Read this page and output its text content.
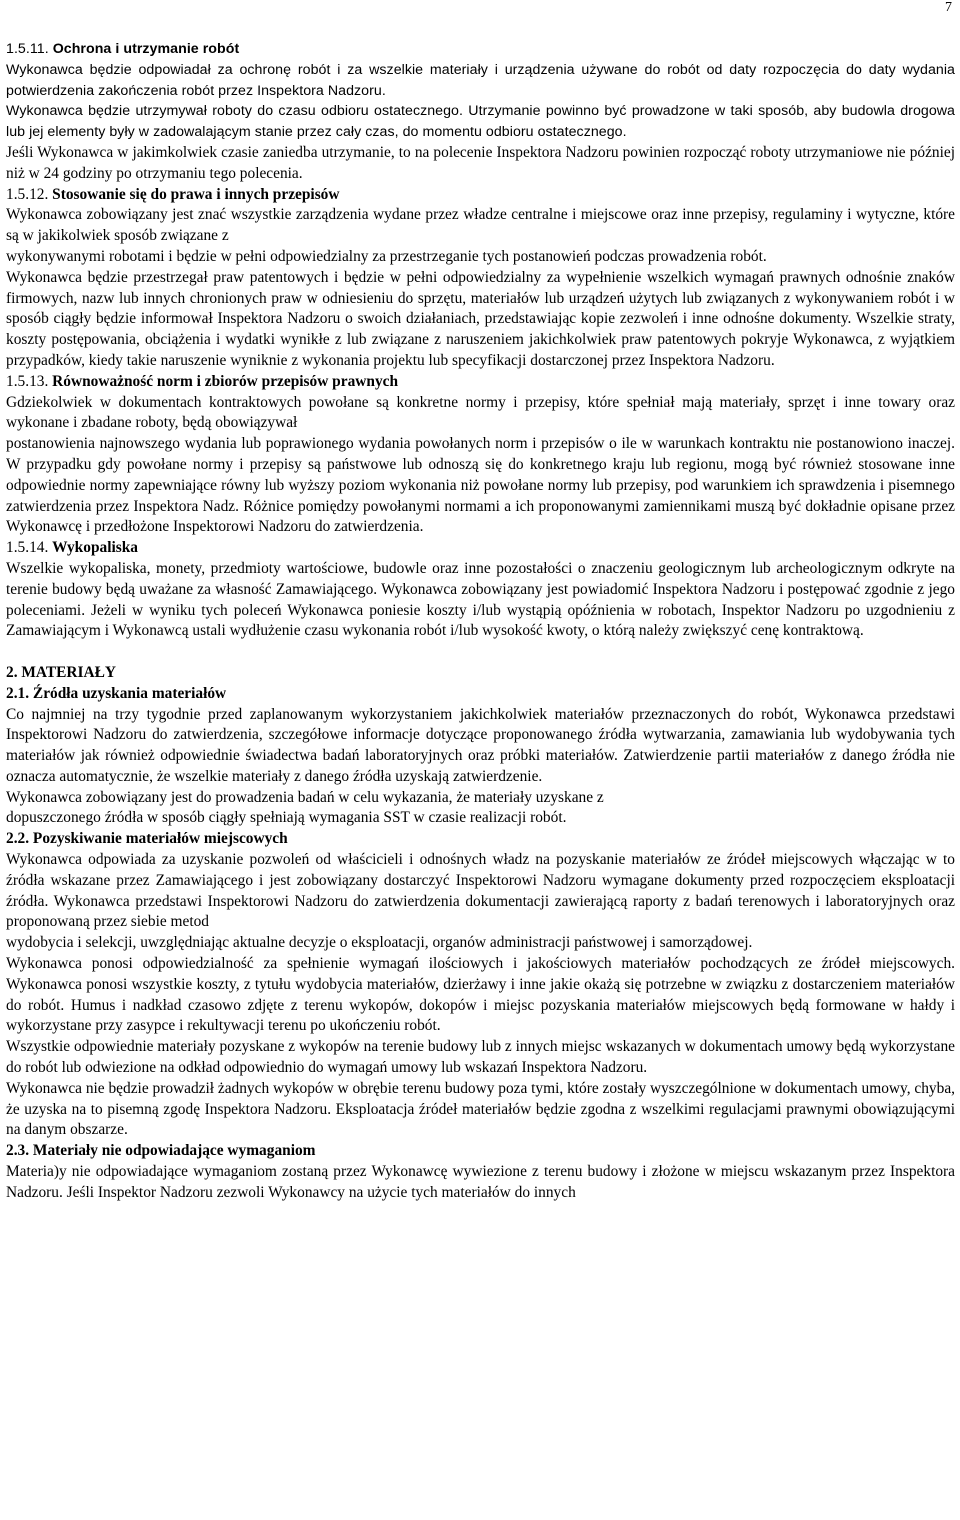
7

1.5.11. Ochrona i utrzymanie robót

Wykonawca będzie odpowiadał za ochronę robót i za wszelkie materiały i urządzenia używane do robót od daty rozpoczęcia do daty wydania potwierdzenia zakończenia robót przez Inspektora Nadzoru.

Wykonawca będzie utrzymywał roboty do czasu odbioru ostatecznego. Utrzymanie powinno być prowadzone w taki sposób, aby budowla drogowa lub jej elementy były w zadowalającym stanie przez cały czas, do momentu odbioru ostatecznego.

Jeśli Wykonawca w jakimkolwiek czasie zaniedba utrzymanie, to na polecenie Inspektora Nadzoru powinien rozpocząć roboty utrzymaniowe nie później niż w 24 godziny po otrzymaniu tego polecenia.

1.5.12. Stosowanie się do prawa i innych przepisów

Wykonawca zobowiązany jest znać wszystkie zarządzenia wydane przez władze centralne i miejscowe oraz inne przepisy, regulaminy i wytyczne, które są w jakikolwiek sposób związane z

wykonywanymi robotami i będzie w pełni odpowiedzialny za przestrzeganie tych postanowień podczas prowadzenia robót.

Wykonawca będzie przestrzegał praw patentowych i będzie w pełni odpowiedzialny za wypełnienie wszelkich wymagań prawnych odnośnie znaków firmowych, nazw lub innych chronionych praw w odniesieniu do sprzętu, materiałów lub urządzeń użytych lub związanych z wykonywaniem robót i w sposób ciągły będzie informował Inspektora Nadzoru o swoich działaniach, przedstawiając kopie zezwoleń i inne odnośne dokumenty. Wszelkie straty, koszty postępowania, obciążenia i wydatki wynikłe z lub związane z naruszeniem jakichkolwiek praw patentowych pokryje Wykonawca, z wyjątkiem przypadków, kiedy takie naruszenie wyniknie z wykonania projektu lub specyfikacji dostarczonej przez Inspektora Nadzoru.

1.5.13. Równoważność norm i zbiorów przepisów prawnych

Gdziekolwiek w dokumentach kontraktowych powołane są konkretne normy i przepisy, które spełniał mają materiały, sprzęt i inne towary oraz wykonane i zbadane roboty, będą obowiązywał

postanowienia najnowszego wydania lub poprawionego wydania powołanych norm i przepisów o ile w warunkach kontraktu nie postanowiono inaczej. W przypadku gdy powołane normy i przepisy są państwowe lub odnoszą się do konkretnego kraju lub regionu, mogą być również stosowane inne odpowiednie normy zapewniające równy lub wyższy poziom wykonania niż powołane normy lub przepisy, pod warunkiem ich sprawdzenia i pisemnego zatwierdzenia przez Inspektora Nadz. Różnice pomiędzy powołanymi normami a ich proponowanymi zamiennikami muszą być dokładnie opisane przez Wykonawcę i przedłożone Inspektorowi Nadzoru do zatwierdzenia.

1.5.14. Wykopaliska

Wszelkie wykopaliska, monety, przedmioty wartościowe, budowle oraz inne pozostałości o znaczeniu geologicznym lub archeologicznym odkryte na terenie budowy będą uważane za własność Zamawiającego. Wykonawca zobowiązany jest powiadomić Inspektora Nadzoru i postępować zgodnie z jego poleceniami. Jeżeli w wyniku tych poleceń Wykonawca poniesie koszty i/lub wystąpią opóźnienia w robotach, Inspektor Nadzoru po uzgodnieniu z Zamawiającym i Wykonawcą ustali wydłużenie czasu wykonania robót i/lub wysokość kwoty, o którą należy zwiększyć cenę kontraktową.

2. MATERIAŁY

2.1. Źródła uzyskania materiałów

Co najmniej na trzy tygodnie przed zaplanowanym wykorzystaniem jakichkolwiek materiałów przeznaczonych do robót, Wykonawca przedstawi Inspektorowi Nadzoru do zatwierdzenia, szczegółowe informacje dotyczące proponowanego źródła wytwarzania, zamawiania lub wydobywania tych materiałów jak również odpowiednie świadectwa badań laboratoryjnych oraz próbki materiałów. Zatwierdzenie partii materiałów z danego źródła nie oznacza automatycznie, że wszelkie materiały z danego źródła uzyskają zatwierdzenie.

Wykonawca zobowiązany jest do prowadzenia badań w celu wykazania, że materiały uzyskane z

dopuszczonego źródła w sposób ciągły spełniają wymagania SST w czasie realizacji robót.

2.2. Pozyskiwanie materiałów miejscowych

Wykonawca odpowiada za uzyskanie pozwoleń od właścicieli i odnośnych władz na pozyskanie materiałów ze źródeł miejscowych włączając w to źródła wskazane przez Zamawiającego i jest zobowiązany dostarczyć Inspektorowi Nadzoru wymagane dokumenty przed rozpoczęciem eksploatacji źródła. Wykonawca przedstawi Inspektorowi Nadzoru do zatwierdzenia dokumentacji zawierającą raporty z badań terenowych i laboratoryjnych oraz proponowaną przez siebie metod

wydobycia i selekcji, uwzględniając aktualne decyzje o eksploatacji, organów administracji państwowej i samorządowej.

Wykonawca ponosi odpowiedzialność za spełnienie wymagań ilościowych i jakościowych materiałów pochodzących ze źródeł miejscowych. Wykonawca ponosi wszystkie koszty, z tytułu wydobycia materiałów, dzierżawy i inne jakie okażą się potrzebne w związku z dostarczeniem materiałów do robót. Humus i nadkład czasowo zdjęte z terenu wykopów, dokopów i miejsc pozyskania materiałów miejscowych będą formowane w hałdy i wykorzystane przy zasypce i rekultywacji terenu po ukończeniu robót.

Wszystkie odpowiednie materiały pozyskane z wykopów na terenie budowy lub z innych miejsc wskazanych w dokumentach umowy będą wykorzystane do robót lub odwiezione na odkład odpowiednio do wymagań umowy lub wskazań Inspektora Nadzoru.

Wykonawca nie będzie prowadził żadnych wykopów w obrębie terenu budowy poza tymi, które zostały wyszczególnione w dokumentach umowy, chyba, że uzyska na to pisemną zgodę Inspektora Nadzoru. Eksploatacja źródeł materiałów będzie zgodna z wszelkimi regulacjami prawnymi obowiązującymi na danym obszarze.

2.3. Materiały nie odpowiadające wymaganiom

Materia)y nie odpowiadające wymaganiom zostaną przez Wykonawcę wywiezione z terenu budowy i złożone w miejscu wskazanym przez Inspektora Nadzoru. Jeśli Inspektor Nadzoru zezwoli Wykonawcy na użycie tych materiałów do innych
